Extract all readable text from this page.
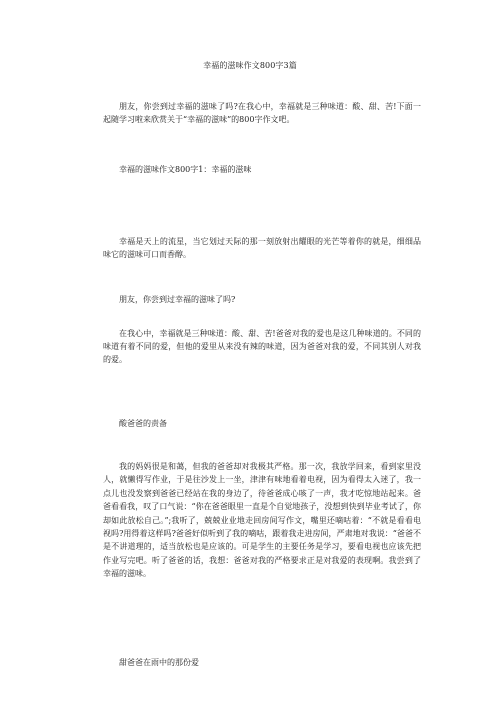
幸福的滋味作文800字3篇
朋友，你尝到过幸福的滋味了吗?在我心中，幸福就是三种味道：酸、甜、苦!下面一起随学习啦来欣赏关于“幸福的滋味”的800字作文吧。
幸福的滋味作文800字1：幸福的滋味
幸福是天上的流星，当它划过天际的那一刻放射出耀眼的光芒等着你的就是，细细品味它的滋味可口而香醇。
朋友，你尝到过幸福的滋味了吗?
在我心中，幸福就是三种味道：酸、甜、苦!爸爸对我的爱也是这几种味道的。不同的味道有着不同的爱，但他的爱里从来没有辣的味道，因为爸爸对我的爱，不同其别人对我的爱。
酸爸爸的责备
我的妈妈很是和蔼，但我的爸爸却对我极其严格。那一次，我放学回来，看到家里没人，就懒得写作业，于是往沙发上一坐，津津有味地看着电视，因为看得太入迷了，我一点儿也没发察到爸爸已经站在我的身边了，待爸爸成心咳了一声，我才吃惊地站起来。爸爸看看我，叹了口气说：“你在爸爸眼里一直是个自觉地孩子，没想到快到毕业考试了，你却如此放松自己。”;我听了，兢兢业业地走回房间写作文，嘴里还嘀咕着：“不就是看看电视吗?用得着这样吗?爸爸好似听到了我的嘀咕，跟着我走进房间，严肃地对我说：“爸爸不是不讲道理的，适当放松也是应该的。可是学生的主要任务是学习，要看电视也应该先把作业写完吧。听了爸爸的话，我想：爸爸对我的严格要求正是对我爱的表现啊。我尝到了幸福的滋味。
甜爸爸在雨中的那份爱
